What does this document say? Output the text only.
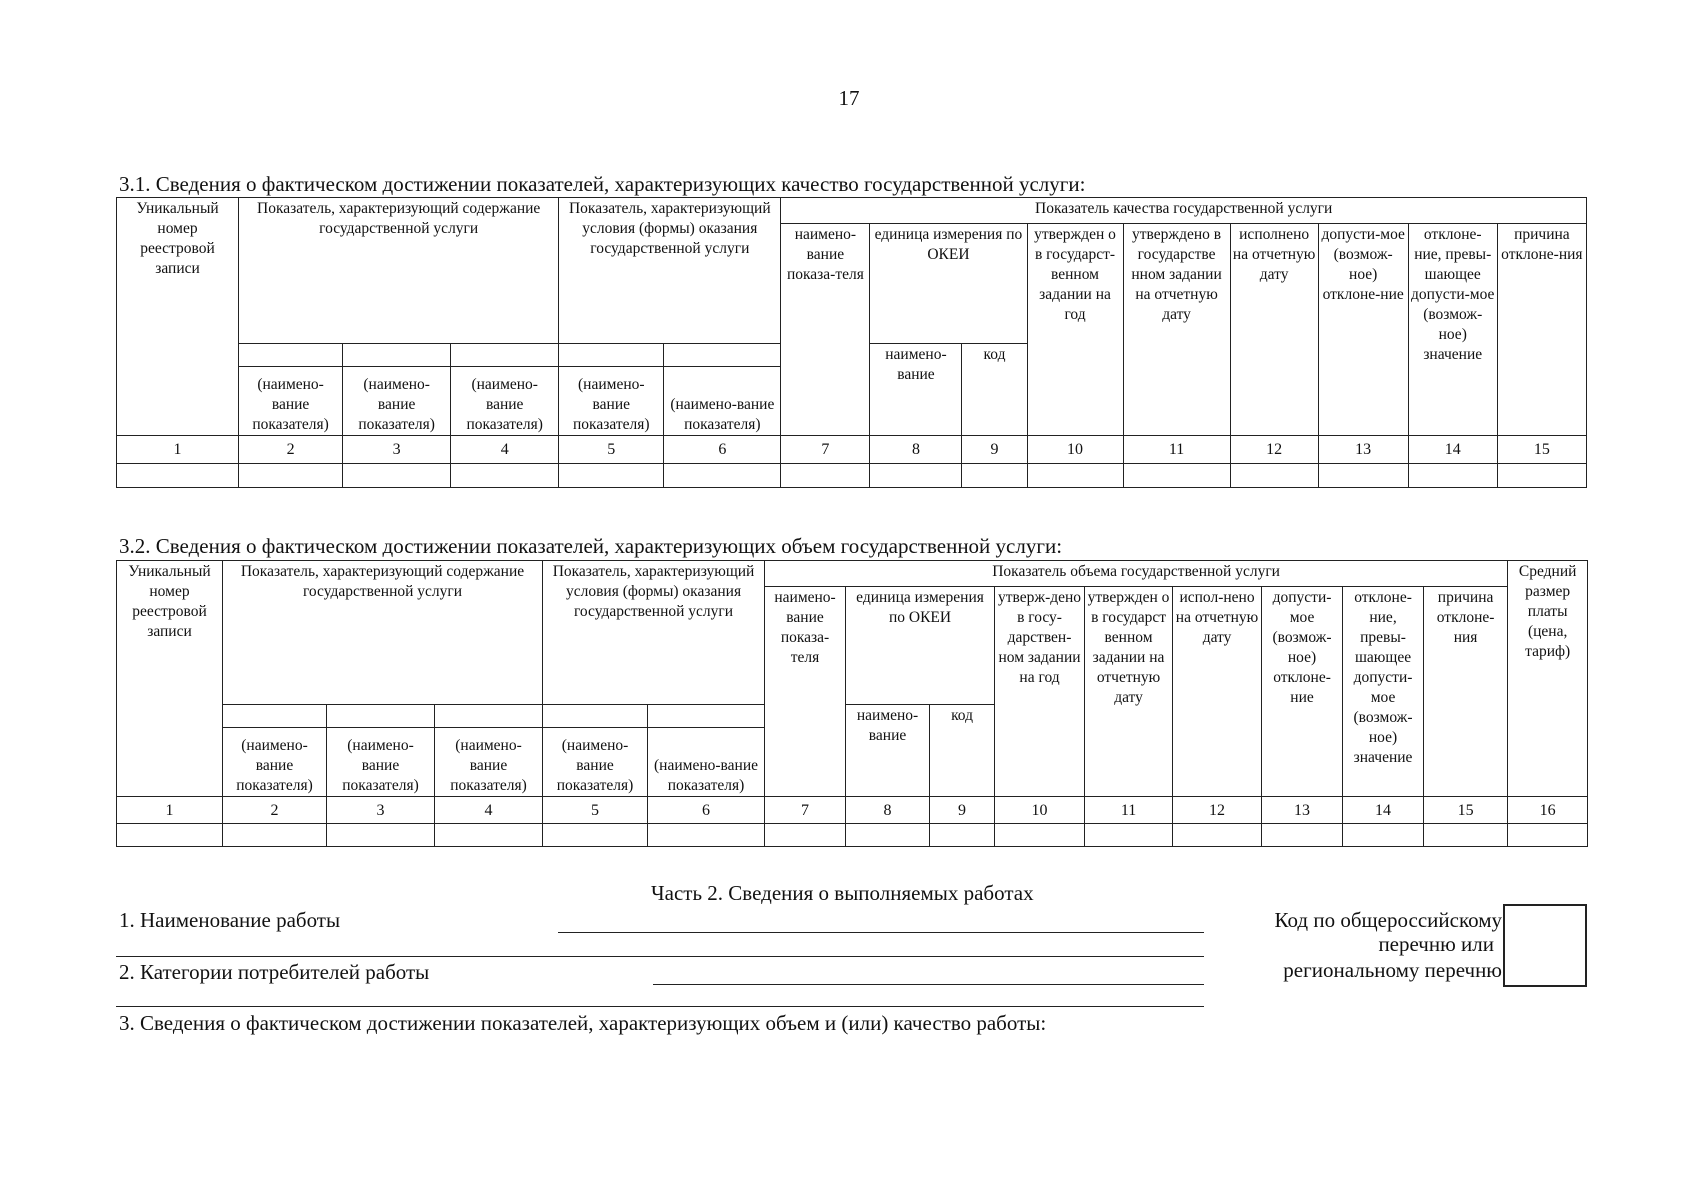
17
3.1. Сведения о фактическом достижении показателей, характеризующих качество государственной услуги:
Уникальный номер реестровой записи	Показатель, характеризующий содержание государственной услуги			Показатель, характеризующий условия (формы) оказания государственной услуги		Показатель качества государственной услуги								
						наимено-вание показа-теля	единица измерения по ОКЕИ		утвержден о в государст-венном задании на год	утверждено в государстве нном задании на отчетную дату	исполнено на отчетную дату	допусти-мое (возмож-ное) отклоне-ние	отклоне-ние, превы-шающее допусти-мое (возмож-ное) значение	причина отклоне-ния
							наимено-вание	код						
	(наимено-вание показателя)	(наимено-вание показателя)	(наимено-вание показателя)	(наимено-вание показателя)	(наимено-вание показателя)									
1	2	3	4	5	6	7	8	9	10	11	12	13	14	15

3.2. Сведения о фактическом достижении показателей, характеризующих объем государственной услуги:
Уникальный номер реестровой записи	Показатель, характеризующий содержание государственной услуги			Показатель, характеризующий условия (формы) оказания государственной услуги		Показатель объема государственной услуги									Средний размер платы (цена, тариф)
						наимено-вание показа-теля	единица измерения по ОКЕИ		утверж-дено в госу-дарствен-ном задании на год	утвержден о в государст венном задании на отчетную дату	испол-нено на отчетную дату	допусти-мое (возмож-ное) отклоне-ние	отклоне-ние, превы-шающее допусти-мое (возмож-ное) значение	причина отклоне-ния	
							наимено-вание	код							
	(наимено-вание показателя)	(наимено-вание показателя)	(наимено-вание показателя)	(наимено-вание показателя)	(наимено-вание показателя)										
1	2	3	4	5	6	7	8	9	10	11	12	13	14	15	16

Часть 2. Сведения о выполняемых работах
1. Наименование работы
2. Категории потребителей работы
Код по общероссийскому
перечню или
региональному перечню
3. Сведения о фактическом достижении показателей, характеризующих объем и (или) качество работы:
